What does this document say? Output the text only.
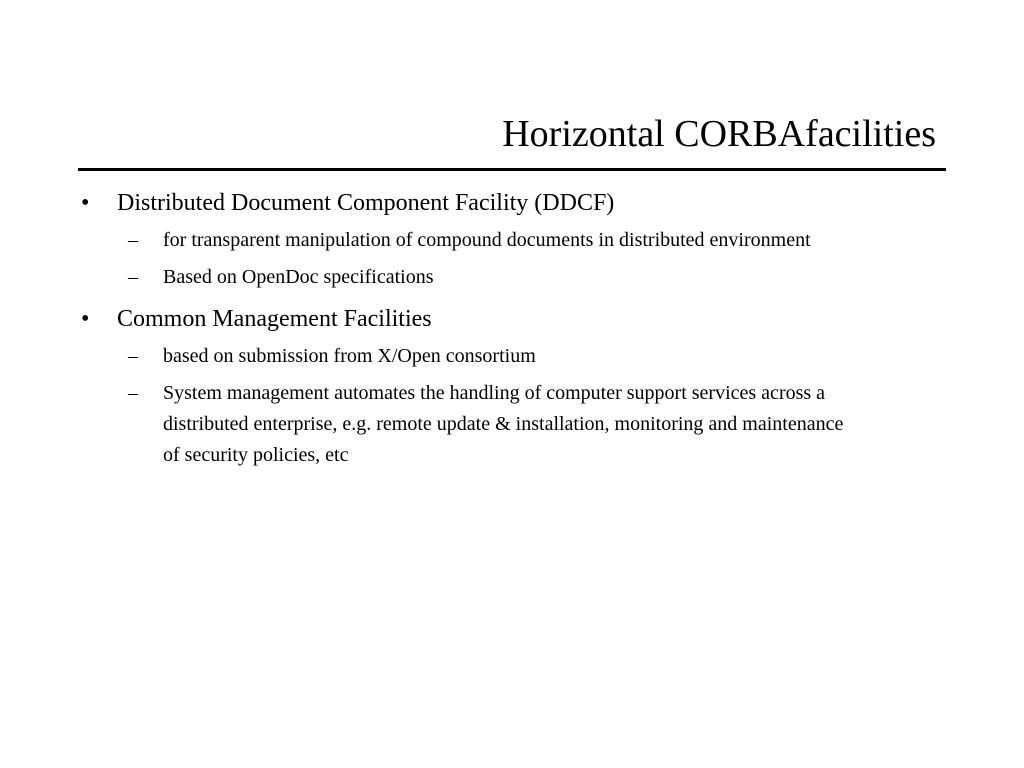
Horizontal CORBAfacilities
• Distributed Document Component Facility (DDCF)
– for transparent manipulation of compound documents in distributed environment
– Based on OpenDoc specifications
• Common Management Facilities
– based on submission from X/Open consortium
– System management automates the handling of computer support services across a distributed enterprise, e.g. remote update & installation, monitoring and maintenance of security policies, etc
